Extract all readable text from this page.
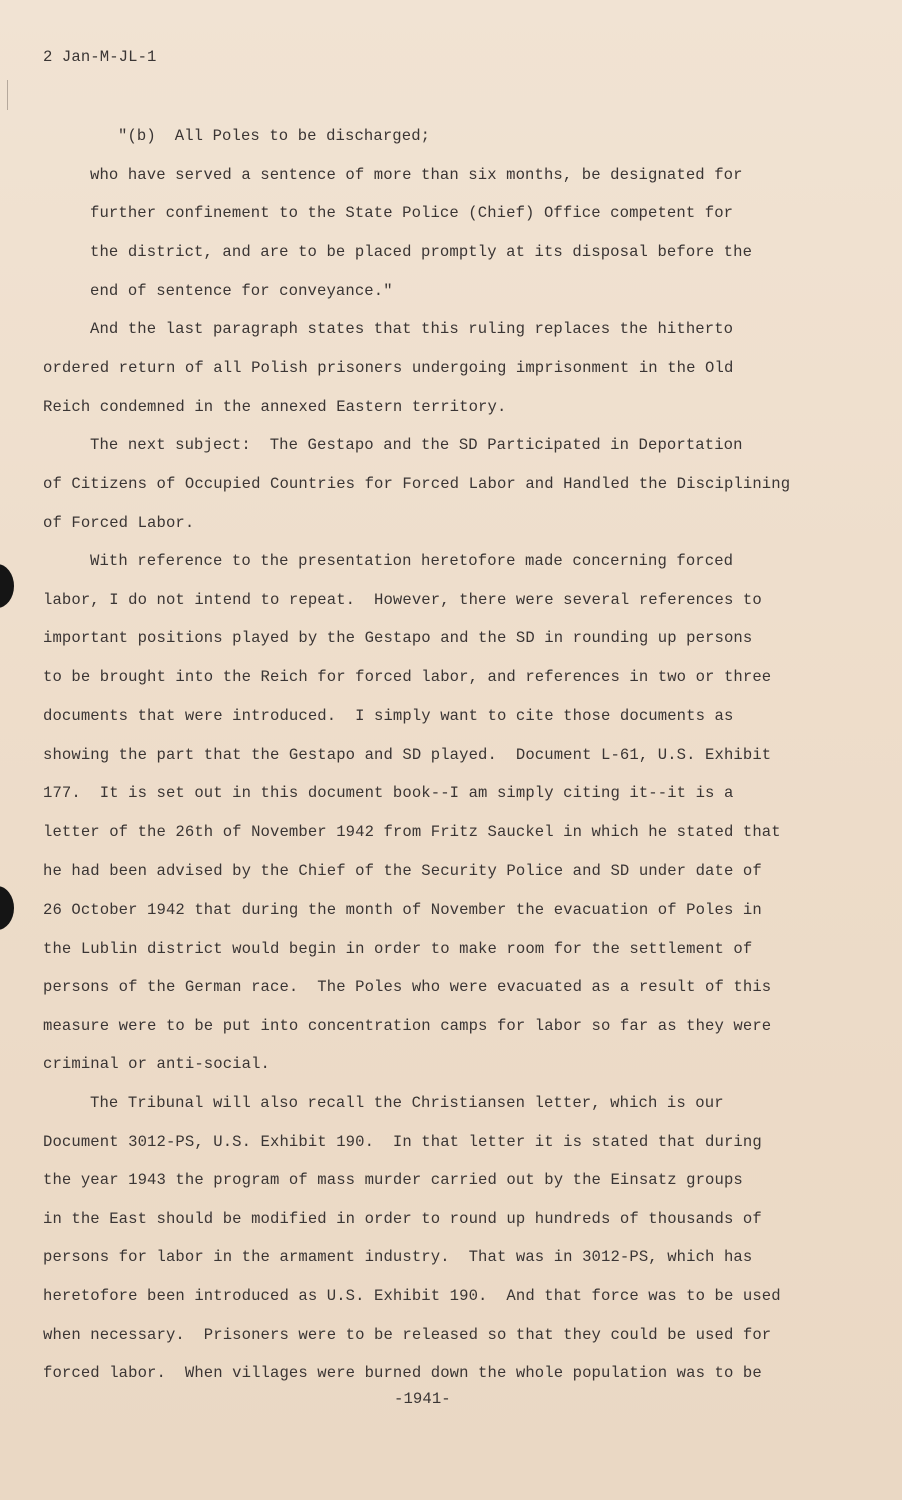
2 Jan-M-JL-1
"(b)  All Poles to be discharged;
who have served a sentence of more than six months, be designated for
further confinement to the State Police (Chief) Office competent for
the district, and are to be placed promptly at its disposal before the
end of sentence for conveyance."
And the last paragraph states that this ruling replaces the hitherto
ordered return of all Polish prisoners undergoing imprisonment in the Old
Reich condemned in the annexed Eastern territory.
The next subject:  The Gestapo and the SD Participated in Deportation
of Citizens of Occupied Countries for Forced Labor and Handled the Disciplining
of Forced Labor.
With reference to the presentation heretofore made concerning forced
labor, I do not intend to repeat.  However, there were several references to
important positions played by the Gestapo and the SD in rounding up persons
to be brought into the Reich for forced labor, and references in two or three
documents that were introduced.  I simply want to cite those documents as
showing the part that the Gestapo and SD played.  Document L-61, U.S. Exhibit
177.  It is set out in this document book--I am simply citing it--it is a
letter of the 26th of November 1942 from Fritz Sauckel in which he stated that
he had been advised by the Chief of the Security Police and SD under date of
26 October 1942 that during the month of November the evacuation of Poles in
the Lublin district would begin in order to make room for the settlement of
persons of the German race.  The Poles who were evacuated as a result of this
measure were to be put into concentration camps for labor so far as they were
criminal or anti-social.
The Tribunal will also recall the Christiansen letter, which is our
Document 3012-PS, U.S. Exhibit 190.  In that letter it is stated that during
the year 1943 the program of mass murder carried out by the Einsatz groups
in the East should be modified in order to round up hundreds of thousands of
persons for labor in the armament industry.  That was in 3012-PS, which has
heretofore been introduced as U.S. Exhibit 190.  And that force was to be used
when necessary.  Prisoners were to be released so that they could be used for
forced labor.  When villages were burned down the whole population was to be
-1941-
